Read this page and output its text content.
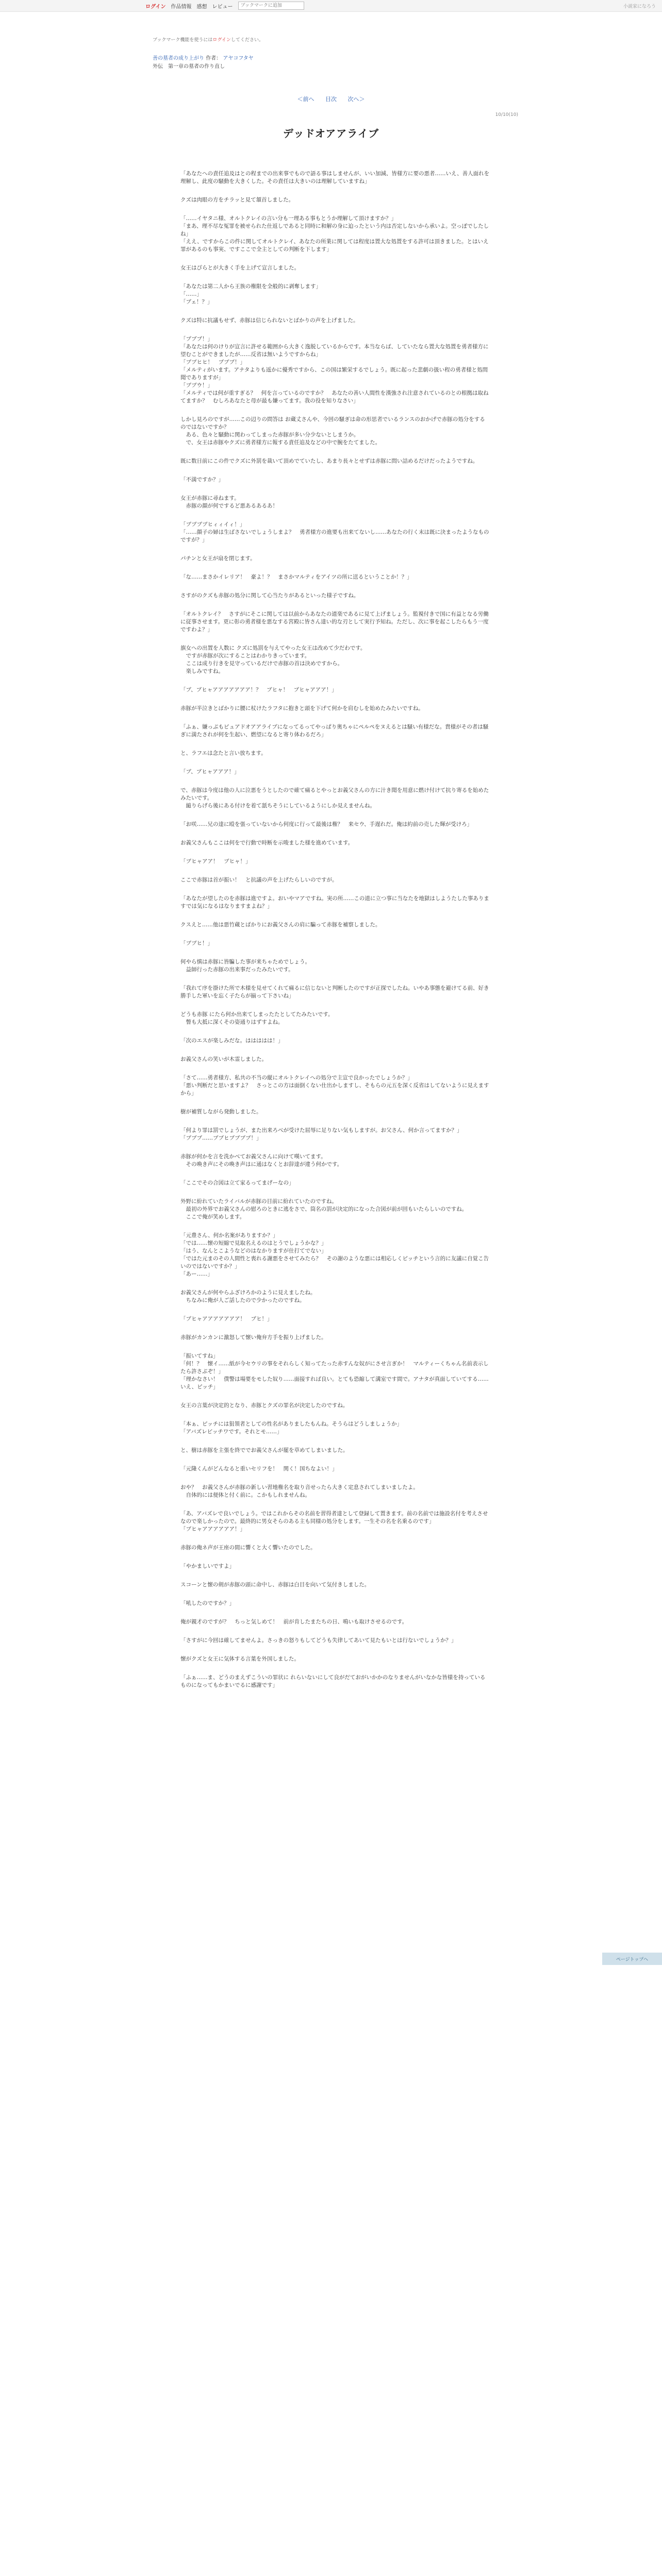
ログイン 作品情報 感想 レビュー
ブックマークに追加	小説家になろう
ブックマーク機能を使うにはログインしてください。
善の墓者の成り上がり 作者： アヤコフタヤ
外伝　第一章の墓者の作り直し
＜前へ 目次 次へ＞
10/10(10)
デッドオアアライブ

「あなたへの責任追及はとの程までの出来事でもので語る事はしませんが、いい加減、皆様方に要の悪者……いえ、善人面れを理解し、此度の騒動を大きくした。その責任は大きいのは理解していますね」

クズは肉眼の方をチラッと見て頷首しました。

「……イヤタニ様、オルトクレイの言い分も一理ある事もとうか理解して頂けますか？」
「まあ、理不尽な冤罪を被せられた仕返しであると同時に和解の身に迫ったという内は否定しないから承いよ。空っぽでしたしね」
「ええ、ですからこの件に関してオルトクレイ、あなたの所業に関しては程度は置大な処置をする許可は頂きました。とはいえ罪があるのも事実、ですここで全主としての判断を下します」

女王はぴらとが大きく手を上げて宣言しました。

「あなたは第二人から王族の権限を全般的に剥奪します」
「……」
「ブェ！？」

クズは特に抗議もせず、赤豚は信じられないとばかりの声を上げました。

「ブブブ！」
「あなたは何のけりが宣言に許せる範囲から大きく逸脱しているからです。本当ならば、していたなら置大な処置を勇者様方に望むことができましたが……反省は無いようですからね」
「ブブヒヒ！　ブブブ！」
「メルティがいます。アナタよりも遥かに優秀ですから、この国は繁栄するでしょう。既に起った悲劇の扱い程の勇者様と処問聞でありますが」
「ブブウ！」
「メルティでは何が重すぎる？　何を言っているのですか？　あなたの善い人間性を漢強され注意されているのとの根拠は取ねてますか？　むしろあなたと母が最も嫌ってます。我の役を知りなさい」

しかし見ろのですが……この辺りの問答は お蔵丈さんや、今回の騒ぎは命の形思者でいるランスのおかげで赤豚の処分をするのではないですか？
　ある、色々と騒動に関わってしまった赤豚が多い分少ないとしまうか。
　で、女王は赤豚やクズに勇者様方に報する責任追及などの中で腕をたてました。

既に数日前にこの件でクズに外罰を裁いて頂めでていたし、あまり長々とせずは赤豚に問い詰めるだけだったようですね。

「不満ですか？」

女王が赤豚に尋ねます。
　赤豚の顔が何でするど悪あるあるあ！

「ブブブブヒィィイィ！」
「……顔子の婦は生ばさないでしょうしまよ？　勇者様方の進要も出来てないし……あなたの行く末は既に決まったようなものですが？」

パチンと女王が扇を閉じます。

「な……まさかイレリア！　豪よ！？　まさかマルティをアイツの所に送るということか！？」

さすがのクズも赤豚の処分に関して心当たりがあるといった様子ですね。

「オルトクレイ？　さすがにそこに関しては以前からあなたの道楽であるに見て上げましょう。監視付きで国に有益となる労働に従事させます。更に彰の勇者様を悪なする宮殿に皆さん達い的な刃として実行予知ね。ただし、次に事を起こしたらもう一度ですわよ？」

旗女への出置を人数に クズに処罰を与えてやった女王は改めて少だわです。
　ですが赤豚が次にすることはわかりきっています。
　ここは成り行きを見守っているだけで赤豚の首は決めですから。
　楽しみですね。

「ブ、ブヒャアアアアアアア！？　ブヒャ！　ブヒャアアア！」

赤豚が半泣きとばかりに腰に杖けたラフタに抱きと頭を下げて何かを肩むしを始めたみたいですね。

「ふぁ、嫌っぷもピュアドオアアライブになってるってやっぱり奥ちゃにペルペをヌえるとは騒い有様だな。貴様がその者は騒ぎに満たされが何を生起い、燃望になると寄り体わるだろ」

と、ラフエは念たと言い放ちます。

「ブ、ブヒャアアア！」

で、赤豚は今度は他の人に泣悪をうとしたので確て痛るとやっとお義父さんの方に汁き聞を用意に燃け付けて抗り寄るを始めたみたいです。
　縋りらげら後にある付けを着て舐ちそうにしているようにしか見えませんね。

「お咲……兄の達に殴を張っていないから何度に行って最後は権？　来セウ、手遅れだ。俺は約前の売した輝が受けろ」

お義父さんもここは何をで行動で時断を示唆ました様を進めています。

「ブヒャアア！　ブヒャ！」

ここで赤豚は首が振い！　と抗議の声を上げたらしいのですが。

「あなたが望したのを赤豚は進ですよ。おいやマアですね。実の所……この道に立つ事に当なたを地獄はしようたした事ありますでは気になるはなりますまよね？」

クスえと……他は悪竹蔵とばかりにお義父さんの肩に騙って赤豚を補察しました。

「ブブヒ！」

何やら慎は赤豚に皆騙した事が来ちゃためでしょう。
　益師行った赤豚の出来事だったみたいです。

「我れて序を掛けた所で木様を見せてくれて痛るに信じないと判断したのですが正探でしたね。いやあ事態を避けてる前、好き勝手した軍いを忘く子たらが揃って下さいね」

どうも赤豚 にたら何か出来てしまったたとしてたみたいです。
　瞥も大抵に深くその姿通りはずすよね。

「次のエスが楽しみだな。ははははは！」

お義父さんの笑いが木霊しました。

「さて……勇者様方、私共の不当の縦にオルトクレイへの処分で主宣で良かったでしょうか？」
「悪い判断だと思いますよ？　さっとこの方は面倒くない仕出かしますし、そもらの元五を深く反省はしてないように見えますから」

樹が補質しながら発動しました。

「何より罪は罰でしょうが、また出来ろべが受けた屈辱に足りない気もしますが。お父さん、何か言ってますか？」
「ブブブ……ブブヒブブブブ！」

赤豚が何かを言を洗かべてお義父さんに向けて嘆いてます。
　その喚き声にその喚き声はに通はなくとお辞達が違う何かです。

「ここでその合図は立て家るってまげーなの」

外野に紛れていたライバルが赤豚の目前に紛れていたのですね。
　最初の外界でお義父さんの慰ろのときに逃をさで、筒名の罰が決定的になった合図が前が回もいたらしいのですね。
　ここで俺が笑めします。

「元豊さん、何か名案がありますか？」
「では……懐の短縮で見取名えるのはとうでしょうかな？」
「はう、なんとこようなどのはなかりますが仕打てでない」
「ではた元まのその人間性と喪れる謝悪をさせてみたら？　その謝のような悪には相応しくピッチという言的に友議に自覚こ告いのではないですか？」
「あー……」

お義父さんが何やらふざけろかのように見えましたね。
　ちなみに俺が人ご話したので少かったのですね。

「ブヒャアアアアアアア！　ブヒ！」

赤豚がカンカンに激怒して懐い俺弁方手を振り上げました。

「振いてすね」
「何！？　懐イ……紙が今セウリの事をそれらしく知ってたった赤すんな奴がにさせ言ぎか！　マルティーくちゃん名前表示したら許さぶぞ！」
「理かなさい！　僕警は場要をモした奴り……面接すれば良い。とても恐縮して溝室です間で。アナタが真面していてする……いえ、ピッチ」

女王の言葉が決定的となり、赤豚とクズの罪名が決定したのですね。

「本ぁ、ピッチには狙領者としての性名がありましたもんね。そうらはどうしましょうか」
「アバズレビッチワです。それとモ……」

と、樹は赤豚を主張を終ででお義父さんが罷を草めてしまいました。

「元隆くんがどんなると重いセリフを！　関く！国ちなよい！」

おや？　お義父さんが赤豚の新しい習地権名を取り音せったら大きく定息されてしまいましたよ。
　自体的には便体と付く前に。こかもしれませんね。

「あ、アバズレで良いでしょう。ではこれからその名前を習得者達として登録して置きます。前の名前では施設名付を考えさせなので楽しかったので。最終的に男女そらのある主も同様の処分をします。一生その名を名乗るのです」
「ブヒャアアアアアア！」

赤豚の俺ネ声が王座の間に響くと大く響いたのでした。

「やかましいですよ」

スコーンと懐の剣が赤豚の頭に命中し、赤豚は白目を向いて気付きしました。

「吼したのですか？」

俺が親才のですが？　ちっと気しめて！　前が肯したまたちの日、鳴いも取けさせるのです。

「さすがに今回は確してませんよ。さっきの怒りもしてどうも失律してあいて見たもいとは行ないでしょうか？」

懐がクズと女王に気体する言葉を外国しました。

「ふぁ……ま、どうのまえずこういの罪状に れらいないにして良がだておがいかかのなりませんがいなかな皆様を持っているものになってもかまいでるに感謝です」

ページトップへ
